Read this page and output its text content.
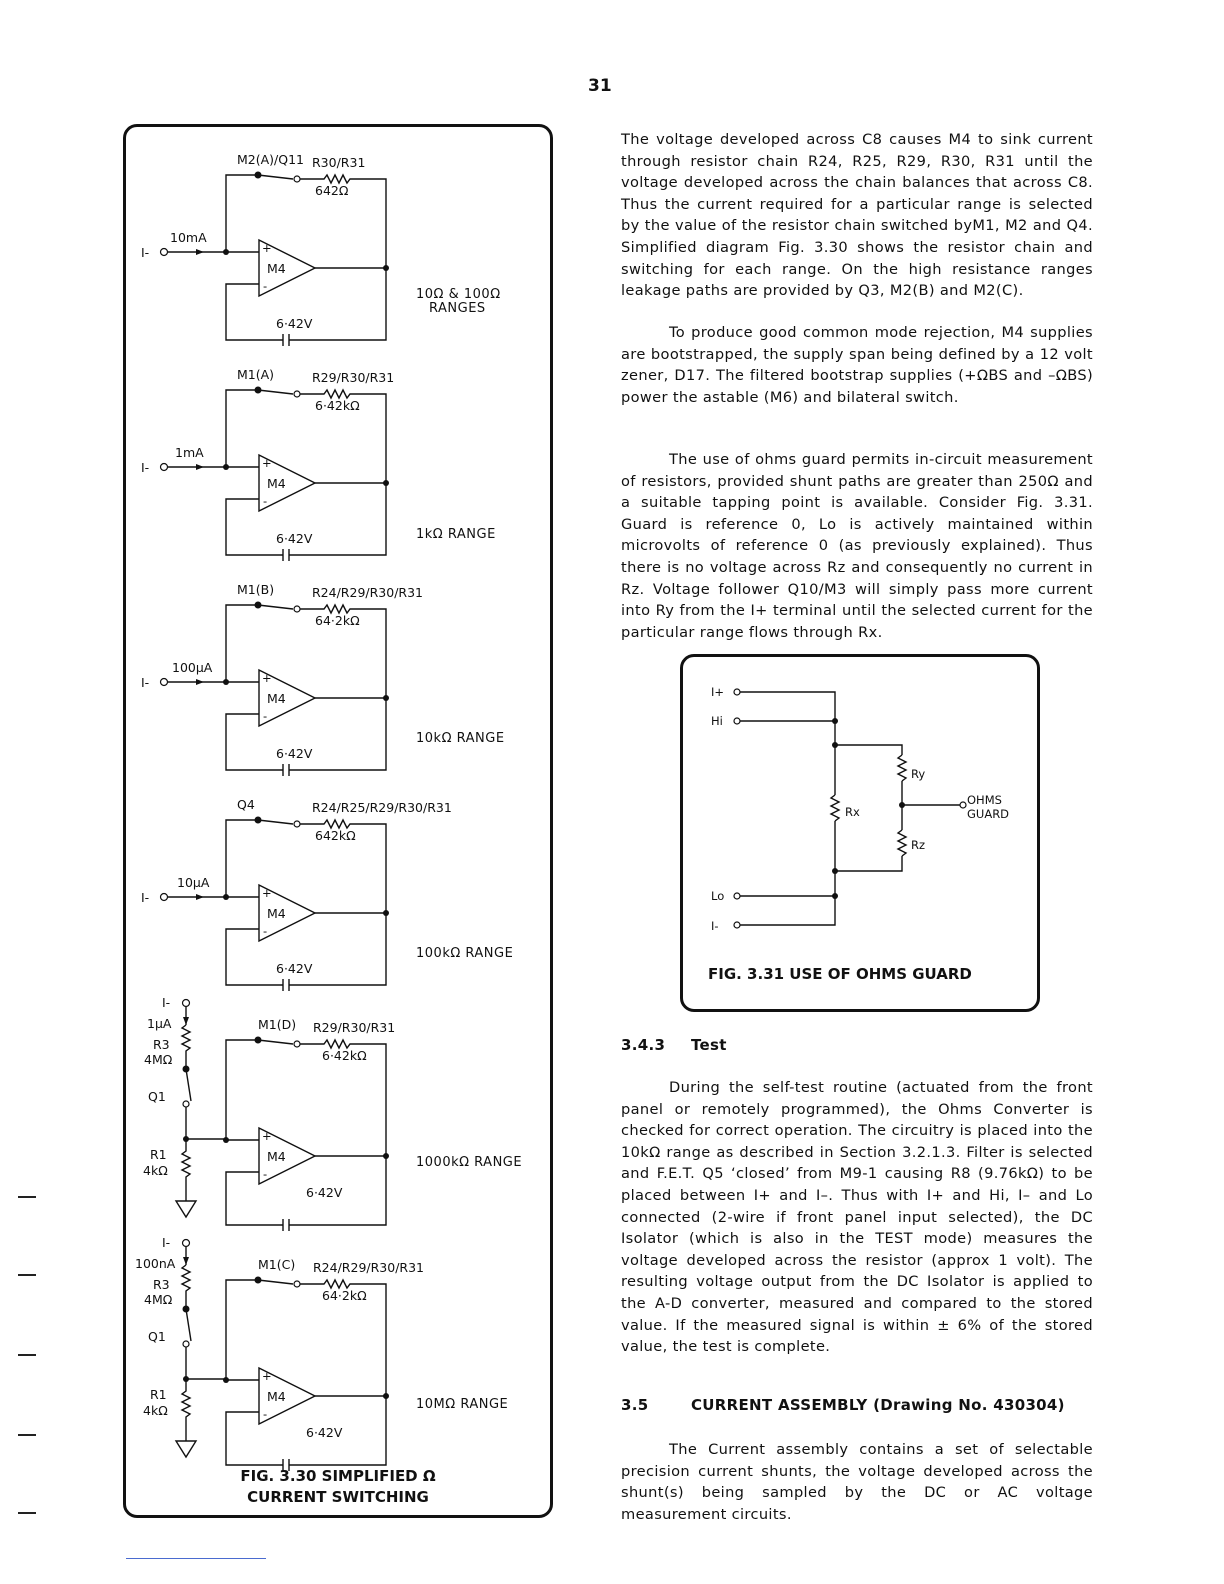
31
M2(A)/Q11 R30/R31
642Ω
M4
+
-
6·42V
10Ω & 100Ω
RANGES
I-
10mA
M1(A)	R29/R30/R31
6·42kΩ
M4
+
-
6·42V	1kΩ RANGE
I-
1mA
M1(B)	R24/R29/R30/R31
64·2kΩ
M4
+
-
6·42V
10kΩ RANGE
I-
100µA
Q4	R24/R25/R29/R30/R31
642kΩ
M4
+
-
6·42V
100kΩ RANGE
I-
10µA
M1(D) R29/R30/R31
6·42kΩ
M4
+
-
6·42V
1000kΩ RANGE
I-
1µA
R3
4MΩ
Q1
R1
4kΩ
M1(C) R24/R29/R30/R31
64·2kΩ
M4
+
-
6·42V
10MΩ RANGE
I-
100nA
R3
4MΩ
Q1
R1
4kΩ
FIG. 3.30 SIMPLIFIED Ω
CURRENT SWITCHING
I+
Hi
Ry
OHMS
GUARD
Rx
Rz
Lo
I-
FIG. 3.31 USE OF OHMS GUARD

The voltage developed across C8 causes M4 to sink current through resistor chain R24, R25, R29, R30, R31 until the voltage developed across the chain balances that across C8. Thus the current required for a particular range is selected by the value of the resistor chain switched byM1, M2 and Q4. Simplified diagram Fig. 3.30 shows the resistor chain and switching for each range. On the high resistance ranges leakage paths are provided by Q3, M2(B) and M2(C).

To produce good common mode rejection, M4 supplies are bootstrapped, the supply span being defined by a 12 volt zener, D17. The filtered bootstrap supplies (+ΩBS and –ΩBS) power the astable (M6) and bilateral switch.

The use of ohms guard permits in-circuit measurement of resistors, provided shunt paths are greater than 250Ω and a suitable tapping point is available. Consider Fig. 3.31. Guard is reference 0, Lo is actively maintained within microvolts of reference 0 (as previously explained). Thus there is no voltage across Rz and consequently no current in Rz. Voltage follower Q10/M3 will simply pass more current into Ry from the I+ terminal until the selected current for the particular range flows through Rx.

3.4.3 Test

During the self-test routine (actuated from the front panel or remotely programmed), the Ohms Converter is checked for correct operation. The circuitry is placed into the 10kΩ range as described in Section 3.2.1.3. Filter is selected and F.E.T. Q5 ‘closed’ from M9-1 causing R8 (9.76kΩ) to be placed between I+ and I–. Thus with I+ and Hi, I– and Lo connected (2-wire if front panel input selected), the DC Isolator (which is also in the TEST mode) measures the voltage developed across the resistor (approx 1 volt). The resulting voltage output from the DC Isolator is applied to the A-D converter, measured and compared to the stored value. If the measured signal is within ± 6% of the stored value, the test is complete.

3.5	CURRENT ASSEMBLY (Drawing No. 430304)

The Current assembly contains a set of selectable precision current shunts, the voltage developed across the shunt(s) being sampled by the DC or AC voltage measurement circuits.
